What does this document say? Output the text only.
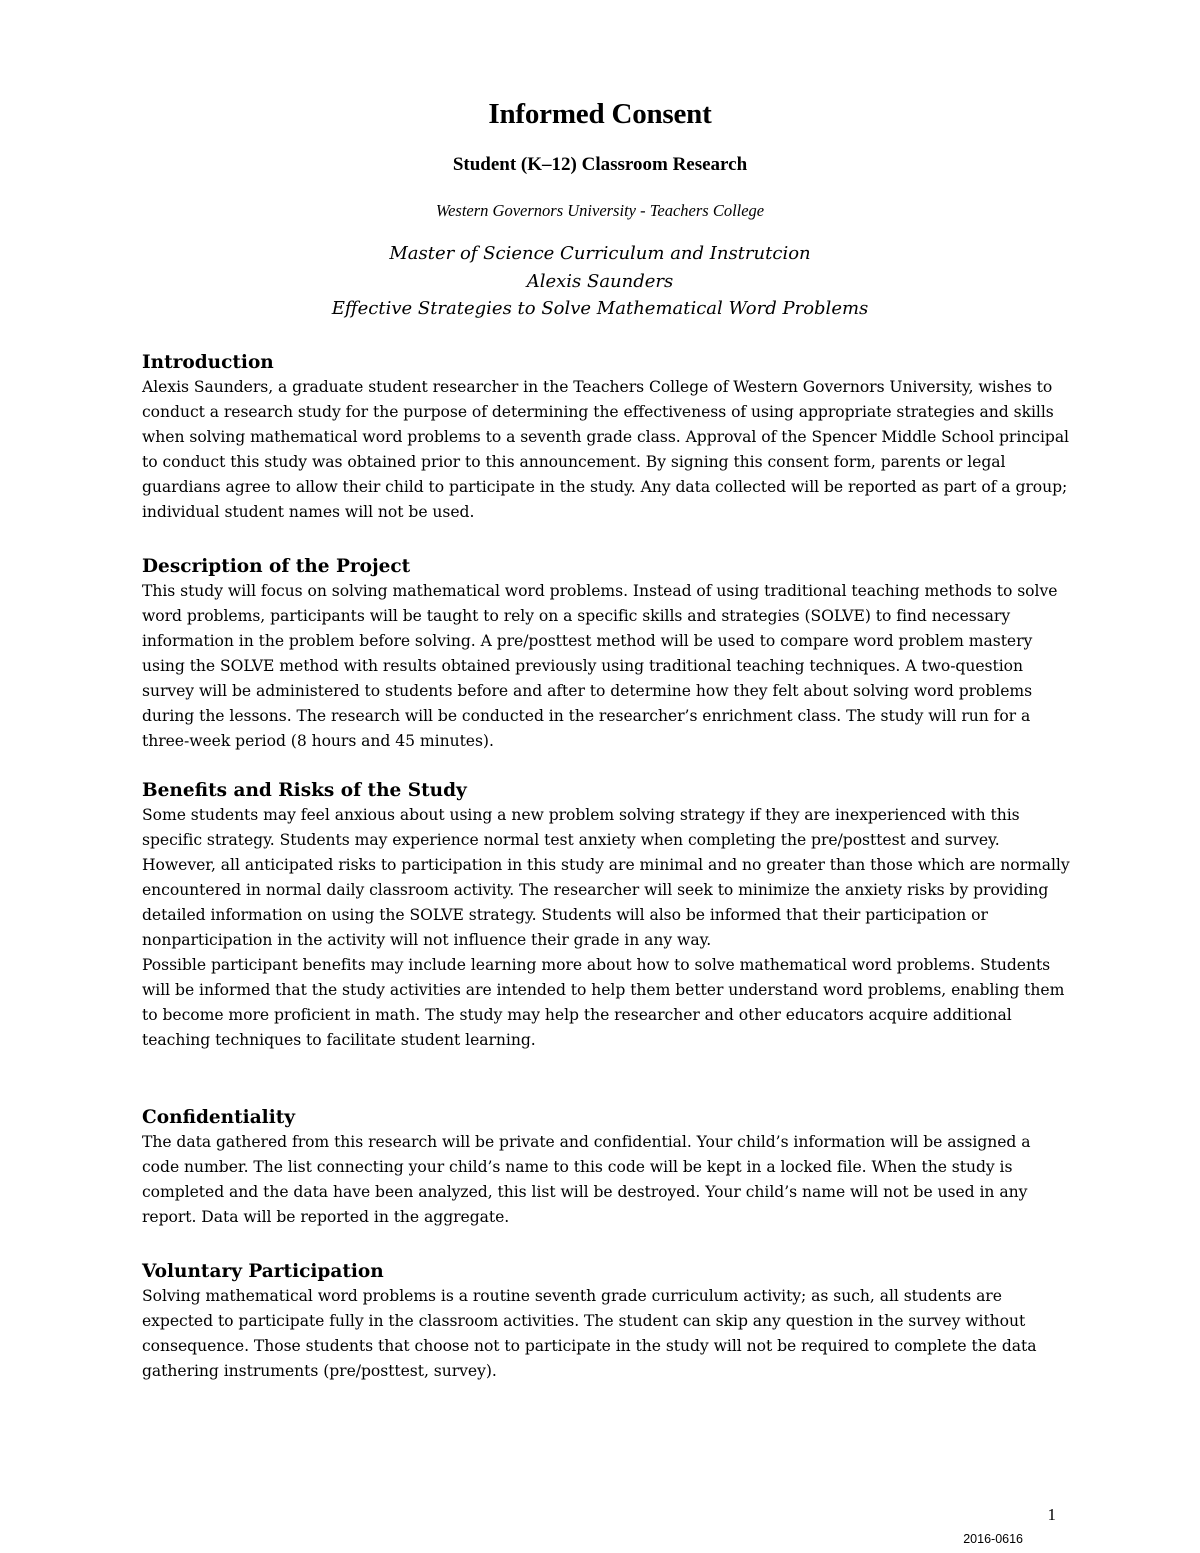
Informed Consent
Student (K–12) Classroom Research
Western Governors University - Teachers College
Master of Science Curriculum and Instrutcion
Alexis Saunders
Effective Strategies to Solve Mathematical Word Problems
Introduction

Alexis Saunders, a graduate student researcher in the Teachers College of Western Governors University, wishes to conduct a research study for the purpose of determining the effectiveness of using appropriate strategies and skills when solving mathematical word problems to a seventh grade class. Approval of the Spencer Middle School principal to conduct this study was obtained prior to this announcement. By signing this consent form, parents or legal guardians agree to allow their child to participate in the study. Any data collected will be reported as part of a group; individual student names will not be used.

Description of the Project

This study will focus on solving mathematical word problems. Instead of using traditional teaching methods to solve word problems, participants will be taught to rely on a specific skills and strategies (SOLVE) to find necessary information in the problem before solving. A pre/posttest method will be used to compare word problem mastery using the SOLVE method with results obtained previously using traditional teaching techniques. A two-question survey will be administered to students before and after to determine how they felt about solving word problems during the lessons. The research will be conducted in the researcher’s enrichment class. The study will run for a three-week period (8 hours and 45 minutes).

Benefits and Risks of the Study

Some students may feel anxious about using a new problem solving strategy if they are inexperienced with this specific strategy. Students may experience normal test anxiety when completing the pre/posttest and survey. However, all anticipated risks to participation in this study are minimal and no greater than those which are normally encountered in normal daily classroom activity. The researcher will seek to minimize the anxiety risks by providing detailed information on using the SOLVE strategy. Students will also be informed that their participation or nonparticipation in the activity will not influence their grade in any way.

Possible participant benefits may include learning more about how to solve mathematical word problems. Students will be informed that the study activities are intended to help them better understand word problems, enabling them to become more proficient in math. The study may help the researcher and other educators acquire additional teaching techniques to facilitate student learning.

Confidentiality

The data gathered from this research will be private and confidential. Your child’s information will be assigned a code number. The list connecting your child’s name to this code will be kept in a locked file. When the study is completed and the data have been analyzed, this list will be destroyed. Your child’s name will not be used in any report. Data will be reported in the aggregate.

Voluntary Participation

Solving mathematical word problems is a routine seventh grade curriculum activity; as such, all students are expected to participate fully in the classroom activities. The student can skip any question in the survey without consequence. Those students that choose not to participate in the study will not be required to complete the data gathering instruments (pre/posttest, survey).

1
2016-0616
